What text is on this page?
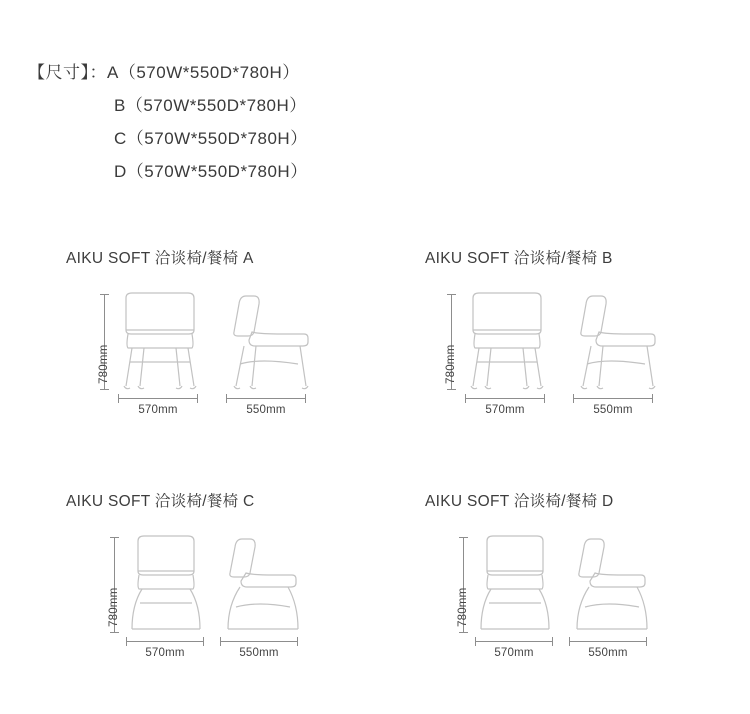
【尺寸】：A（570W*550D*780H）
B（570W*550D*780H）
C（570W*550D*780H）
D（570W*550D*780H）
AIKU SOFT 洽谈椅/餐椅 A
780mm
570mm	550mm
AIKU SOFT 洽谈椅/餐椅 B
780mm
570mm	550mm
AIKU SOFT 洽谈椅/餐椅 C
780mm
570mm	550mm
AIKU SOFT 洽谈椅/餐椅 D
780mm
570mm	550mm
